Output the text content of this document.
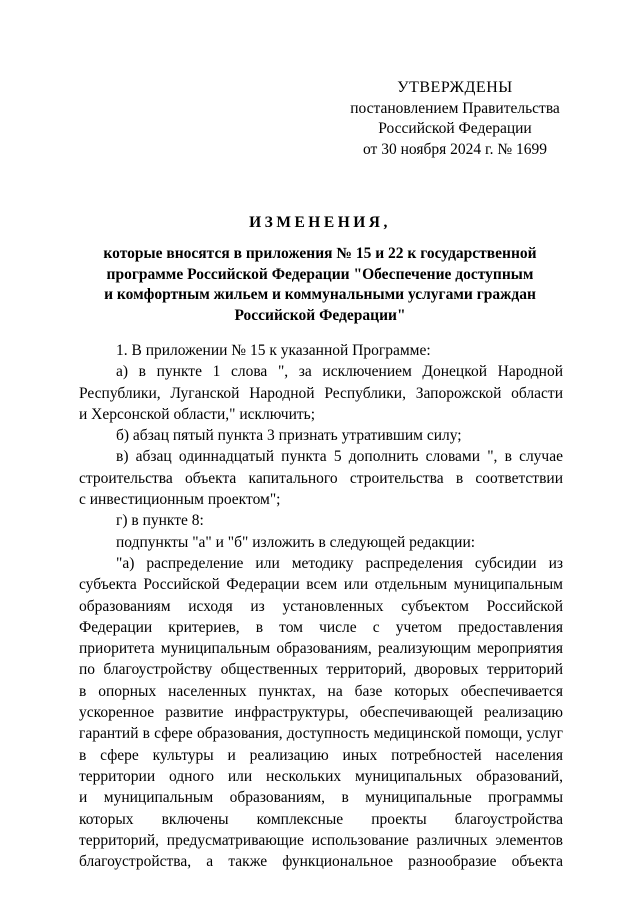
УТВЕРЖДЕНЫ
постановлением Правительства
Российской Федерации
от 30 ноября 2024 г. № 1699
ИЗМЕНЕНИЯ,
которые вносятся в приложения № 15 и 22 к государственной
программе Российской Федерации "Обеспечение доступным
и комфортным жильем и коммунальными услугами граждан
Российской Федерации"
1. В приложении № 15 к указанной Программе:
а) в пункте 1 слова ", за исключением Донецкой Народной
Республики, Луганской Народной Республики, Запорожской области
и Херсонской области," исключить;
б) абзац пятый пункта 3 признать утратившим силу;
в) абзац одиннадцатый пункта 5 дополнить словами ", в случае
строительства объекта капитального строительства в соответствии
с инвестиционным проектом";
г) в пункте 8:
подпункты "а" и "б" изложить в следующей редакции:
"а) распределение или методику распределения субсидии из
субъекта Российской Федерации всем или отдельным муниципальным
образованиям исходя из установленных субъектом Российской
Федерации критериев, в том числе с учетом предоставления
приоритета муниципальным образованиям, реализующим мероприятия
по благоустройству общественных территорий, дворовых территорий
в опорных населенных пунктах, на базе которых обеспечивается
ускоренное развитие инфраструктуры, обеспечивающей реализацию
гарантий в сфере образования, доступность медицинской помощи, услуг
в сфере культуры и реализацию иных потребностей населения
территории одного или нескольких муниципальных образований,
и муниципальным образованиям, в муниципальные программы
которых включены комплексные проекты благоустройства
территорий, предусматривающие использование различных элементов
благоустройства, а также функциональное разнообразие объекта
